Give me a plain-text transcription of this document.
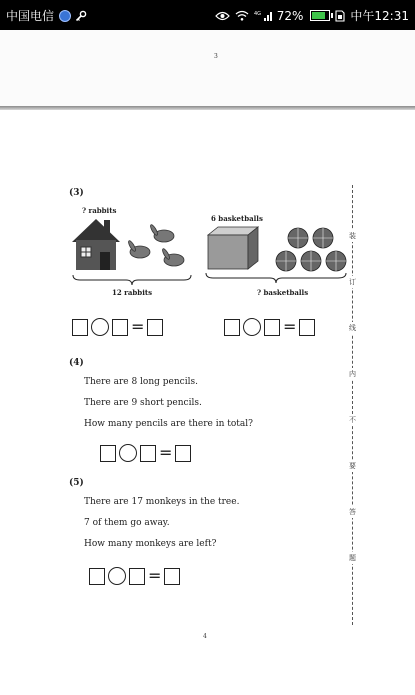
中国电信	4G 72%	中午12:31
3
(3)
? rabbits
12 rabbits
6 basketballs
? basketballs
=	=
(4)
There are 8 long pencils.
There are 9 short pencils.
How many pencils are there in total?
=
(5)
There are 17 monkeys in the tree.
7 of them go away.
How many monkeys are left?
=
装
订
线
内
不
要
答
题
4
